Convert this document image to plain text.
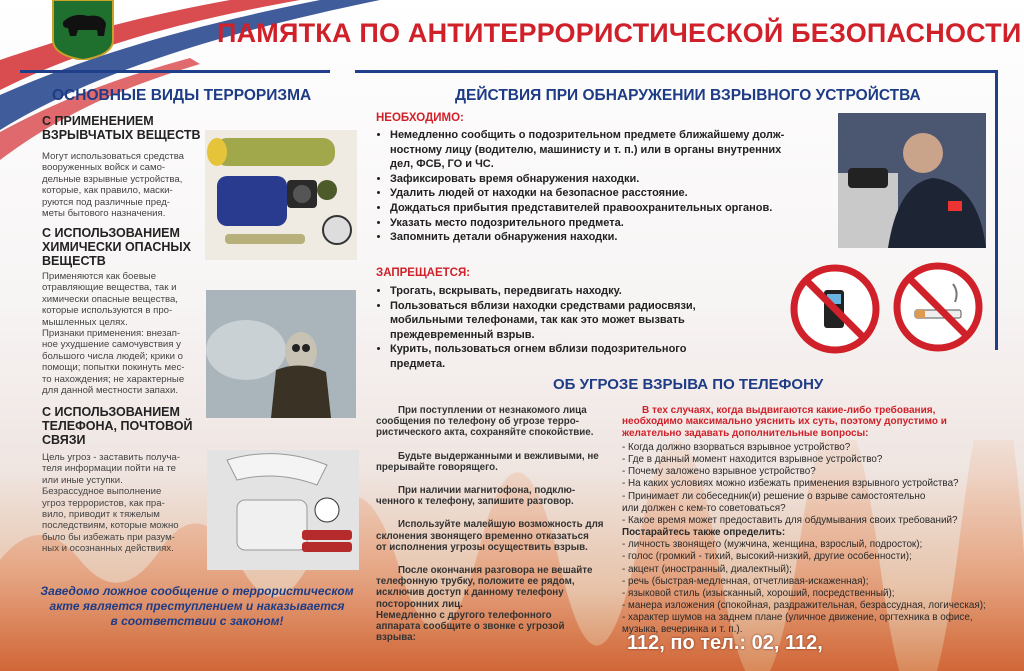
ПАМЯТКА ПО АНТИТЕРРОРИСТИЧЕСКОЙ БЕЗОПАСНОСТИ
ОСНОВНЫЕ ВИДЫ ТЕРРОРИЗМА
С ПРИМЕНЕНИЕМ
ВЗРЫВЧАТЫХ ВЕЩЕСТВ
Могут использоваться средства
вооруженных войск и само-
дельные взрывные устройства,
которые, как правило, маски-
руются под различные пред-
меты бытового назначения.
С ИСПОЛЬЗОВАНИЕМ
ХИМИЧЕСКИ ОПАСНЫХ
ВЕЩЕСТВ
Применяются как боевые
отравляющие вещества, так и
химически опасные вещества,
которые используются в про-
мышленных целях.
Признаки применения: внезап-
ное ухудшение самочувствия у
большого числа людей; крики о
помощи; попытки покинуть мес-
то нахождения; не характерные
для данной местности запахи.
С ИСПОЛЬЗОВАНИЕМ
ТЕЛЕФОНА, ПОЧТОВОЙ
СВЯЗИ
Цель угроз - заставить получа-
теля информации пойти на те
или иные уступки.
Безрассудное выполнение
угроз террористов, как пра-
вило, приводит к тяжелым
последствиям, которые можно
было бы избежать при разум-
ных и осознанных действиях.
Заведомо ложное сообщение о террористическом
акте является преступлением и наказывается
в соответствии с законом!
ДЕЙСТВИЯ ПРИ ОБНАРУЖЕНИИ ВЗРЫВНОГО УСТРОЙСТВА
НЕОБХОДИМО:
• Немедленно сообщить о подозрительном предмете ближайшему долж-
ностному лицу (водителю, машинисту и т. п.) или в органы внутренних
дел, ФСБ, ГО и ЧС.
• Зафиксировать время обнаружения находки.
• Удалить людей от находки на безопасное расстояние.
• Дождаться прибытия представителей правоохранительных органов.
• Указать место подозрительного предмета.
• Запомнить детали обнаружения находки.
ЗАПРЕЩАЕТСЯ:
• Трогать, вскрывать, передвигать находку.
• Пользоваться вблизи находки средствами радиосвязи,
мобильными телефонами, так как это может вызвать
преждевременный взрыв.
• Курить, пользоваться огнем вблизи подозрительного
предмета.
ОБ УГРОЗЕ ВЗРЫВА ПО ТЕЛЕФОНУ

При поступлении от незнакомого лица
сообщения по телефону об угрозе терро-
ристического акта, сохраняйте спокойствие.

Будьте выдержанными и вежливыми, не
прерывайте говорящего.

При наличии магнитофона, подклю-
ченного к телефону, запишите разговор.

Используйте малейшую возможность для
склонения звонящего временно отказаться
от исполнения угрозы осуществить взрыв.

После окончания разговора не вешайте
телефонную трубку, положите ее рядом,
исключив доступ к данному телефону
посторонних лиц.
Немедленно с другого телефонного
аппарата сообщите о звонке с угрозой
взрыва:

В тех случаях, когда выдвигаются какие-либо требования,
необходимо максимально уяснить их суть, поэтому допустимо и
желательно задавать дополнительные вопросы:
- Когда должно взорваться взрывное устройство?
- Где в данный момент находится взрывное устройство?
- Почему заложено взрывное устройство?
- На каких условиях можно избежать применения взрывного устройства?
- Принимает ли собеседник(и) решение о взрыве самостоятельно
или должен с кем-то советоваться?
- Какое время может предоставить для обдумывания своих требований?
Постарайтесь также определить:
- личность звонящего (мужчина, женщина, взрослый, подросток);
- голос (громкий - тихий, высокий-низкий, другие особенности);
- акцент (иностранный, диалектный);
- речь (быстрая-медленная, отчетливая-искаженная);
- языковой стиль (изысканный, хороший, посредственный);
- манера изложения (спокойная, раздражительная, безрассудная, логическая);
- характер шумов на заднем плане (уличное движение, оргтехника в офисе,
музыка, вечеринка и т. п.).
112, по тел.: 02, 112,
